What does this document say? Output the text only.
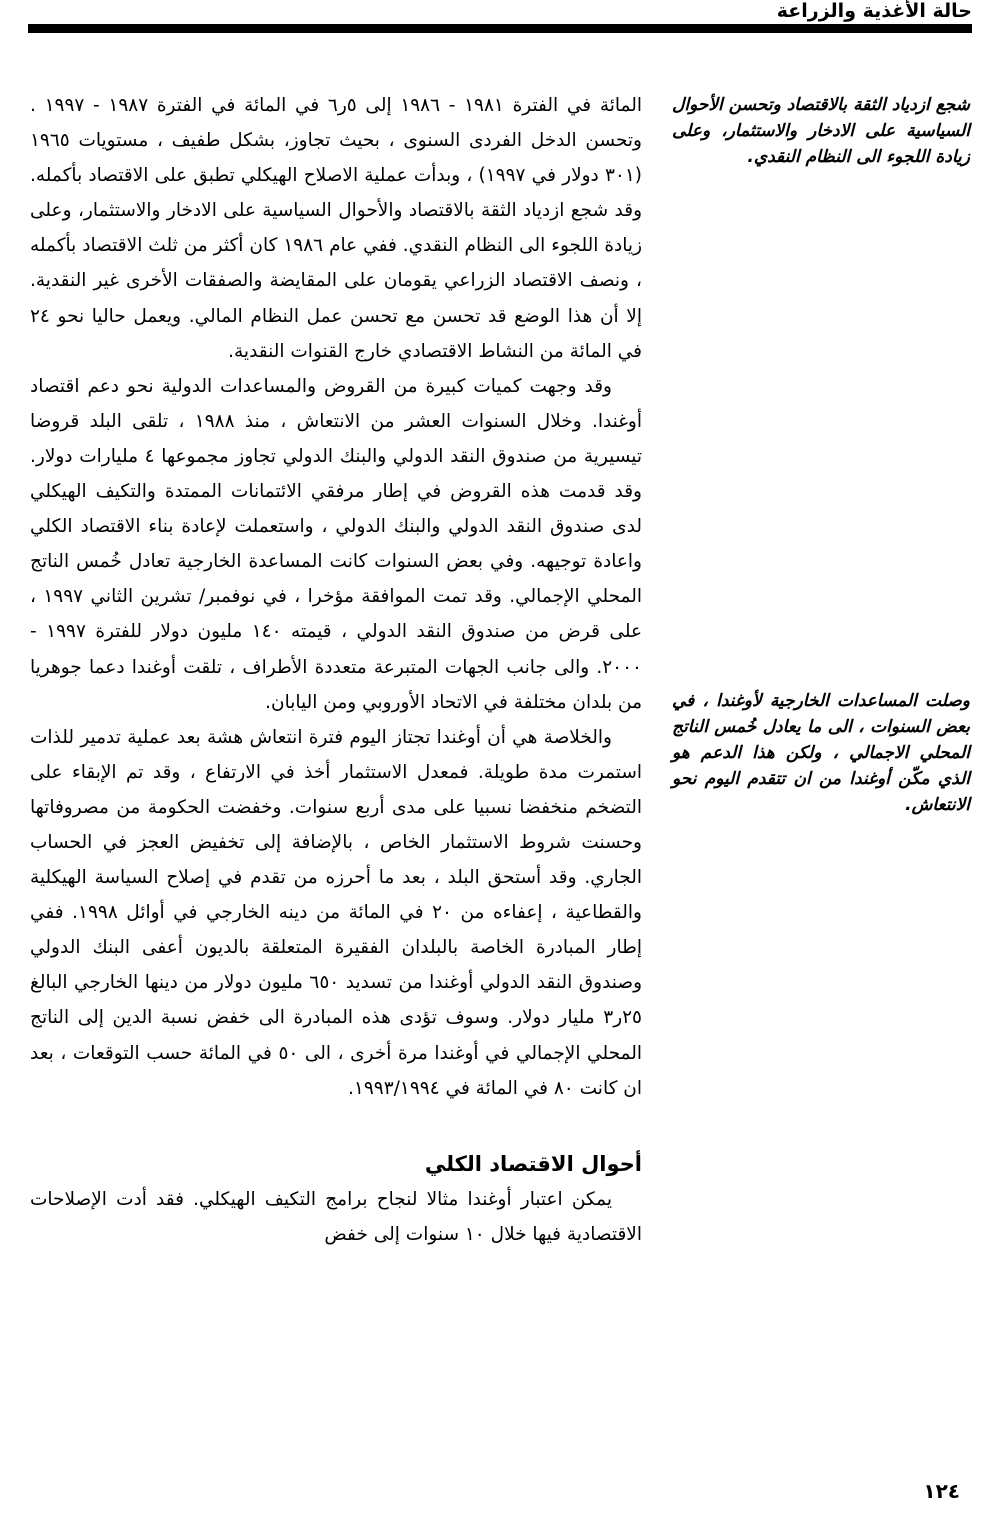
حالة الأغذية والزراعة
شجع ازدياد الثقة بالاقتصاد وتحسن الأحوال السياسية على الادخار والاستثمار، وعلى زيادة اللجوء الى النظام النقدي.
وصلت المساعدات الخارجية لأوغندا ، في بعض السنوات ، الى ما يعادل خُمس الناتج المحلي الاجمالي ، ولكن هذا الدعم هو الذي مكّن أوغندا من ان تتقدم اليوم نحو الانتعاش.

المائة في الفترة ١٩٨١ - ١٩٨٦ إلى ٥ر٦ في المائة في الفترة ١٩٨٧ - ١٩٩٧ . وتحسن الدخل الفردى السنوى ، بحيث تجاوز، بشكل طفيف ، مستويات ١٩٦٥ (٣٠١ دولار في ١٩٩٧) ، وبدأت عملية الاصلاح الهيكلي تطبق على الاقتصاد بأكمله. وقد شجع ازدياد الثقة بالاقتصاد والأحوال السياسية على الادخار والاستثمار، وعلى زيادة اللجوء الى النظام النقدي. ففي عام ١٩٨٦ كان أكثر من ثلث الاقتصاد بأكمله ، ونصف الاقتصاد الزراعي يقومان على المقايضة والصفقات الأخرى غير النقدية. إلا أن هذا الوضع قد تحسن مع تحسن عمل النظام المالي. ويعمل حاليا نحو ٢٤ في المائة من النشاط الاقتصادي خارج القنوات النقدية.

وقد وجهت كميات كبيرة من القروض والمساعدات الدولية نحو دعم اقتصاد أوغندا. وخلال السنوات العشر من الانتعاش ، منذ ١٩٨٨ ، تلقى البلد قروضا تيسيرية من صندوق النقد الدولي والبنك الدولي تجاوز مجموعها ٤ مليارات دولار. وقد قدمت هذه القروض في إطار مرفقي الائتمانات الممتدة والتكيف الهيكلي لدى صندوق النقد الدولي والبنك الدولي ، واستعملت لإعادة بناء الاقتصاد الكلي واعادة توجيهه. وفي بعض السنوات كانت المساعدة الخارجية تعادل خُمس الناتج المحلي الإجمالي. وقد تمت الموافقة مؤخرا ، في نوفمبر/ تشرين الثاني ١٩٩٧ ، على قرض من صندوق النقد الدولي ، قيمته ١٤٠ مليون دولار للفترة ١٩٩٧ - ٢٠٠٠. والى جانب الجهات المتبرعة متعددة الأطراف ، تلقت أوغندا دعما جوهريا من بلدان مختلفة في الاتحاد الأوروبي ومن اليابان.

والخلاصة هي أن أوغندا تجتاز اليوم فترة انتعاش هشة بعد عملية تدمير للذات استمرت مدة طويلة. فمعدل الاستثمار أخذ في الارتفاع ، وقد تم الإبقاء على التضخم منخفضا نسبيا على مدى أربع سنوات. وخفضت الحكومة من مصروفاتها وحسنت شروط الاستثمار الخاص ، بالإضافة إلى تخفيض العجز في الحساب الجاري. وقد أستحق البلد ، بعد ما أحرزه من تقدم في إصلاح السياسة الهيكلية والقطاعية ، إعفاءه من ٢٠ في المائة من دينه الخارجي في أوائل ١٩٩٨. ففي إطار المبادرة الخاصة بالبلدان الفقيرة المتعلقة بالديون أعفى البنك الدولي وصندوق النقد الدولي أوغندا من تسديد ٦٥٠ مليون دولار من دينها الخارجي البالغ ٢٥ر٣ مليار دولار. وسوف تؤدى هذه المبادرة الى خفض نسبة الدين إلى الناتج المحلي الإجمالي في أوغندا مرة أخرى ، الى ٥٠ في المائة حسب التوقعات ، بعد ان كانت ٨٠ في المائة في ١٩٩٣/١٩٩٤.

أحوال الاقتصاد الكلي

يمكن اعتبار أوغندا مثالا لنجاح برامج التكيف الهيكلي. فقد أدت الإصلاحات الاقتصادية فيها خلال ١٠ سنوات إلى خفض

١٢٤
